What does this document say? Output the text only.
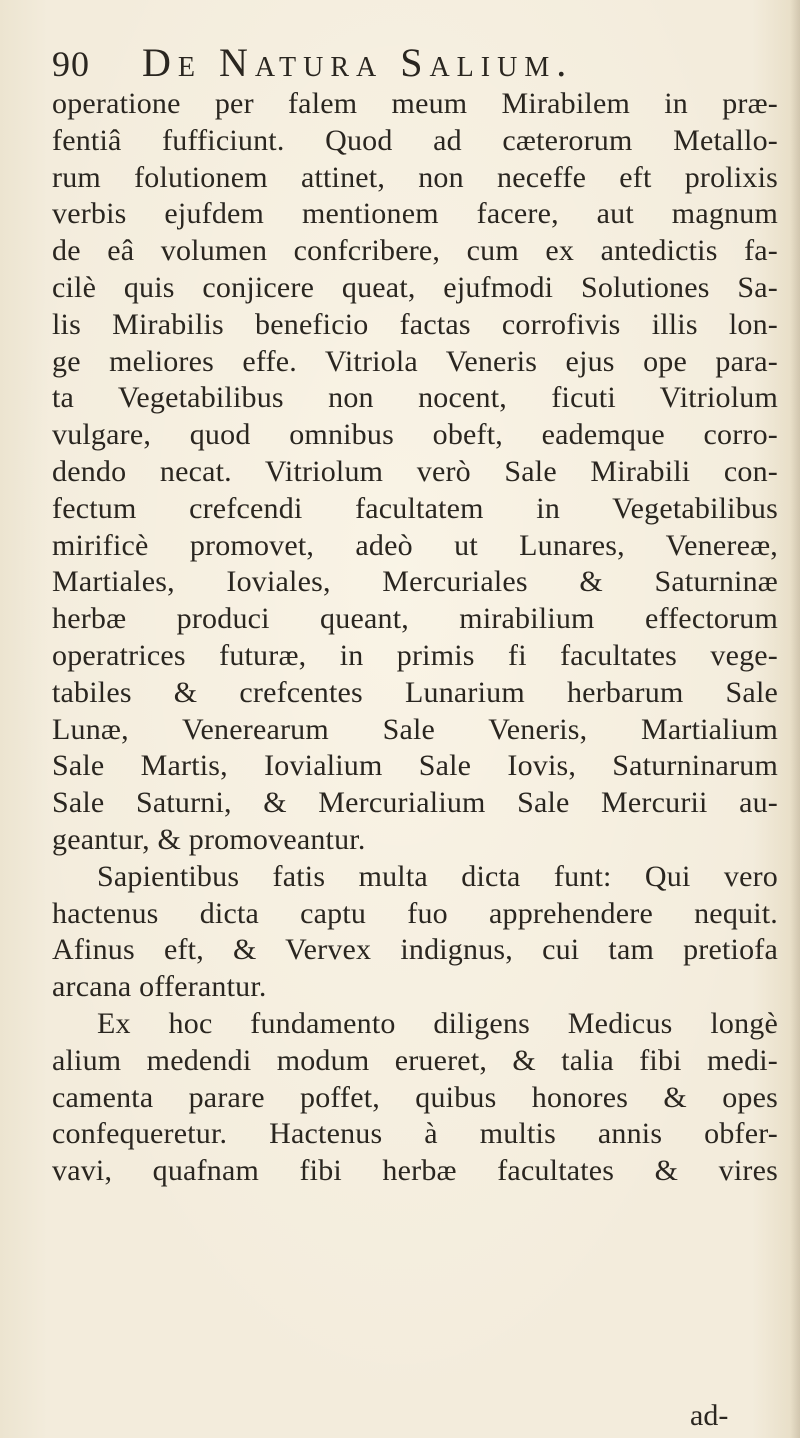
90 De Natura Salium.
operatione per falem meum Mirabilem in præ-
fentiâ fufficiunt. Quod ad cæterorum Metallo-
rum folutionem attinet, non neceffe eft prolixis
verbis ejufdem mentionem facere, aut magnum
de eâ volumen confcribere, cum ex antedictis fa-
cilè quis conjicere queat, ejufmodi Solutiones Sa-
lis Mirabilis beneficio factas corrofivis illis lon-
ge meliores effe. Vitriola Veneris ejus ope para-
ta Vegetabilibus non nocent, ficuti Vitriolum
vulgare, quod omnibus obeft, eademque corro-
dendo necat. Vitriolum verò Sale Mirabili con-
fectum crefcendi facultatem in Vegetabilibus
mirificè promovet, adeò ut Lunares, Venereæ,
Martiales, Ioviales, Mercuriales & Saturninæ
herbæ produci queant, mirabilium effectorum
operatrices futuræ, in primis fi facultates vege-
tabiles & crefcentes Lunarium herbarum Sale
Lunæ, Venerearum Sale Veneris, Martialium
Sale Martis, Iovialium Sale Iovis, Saturninarum
Sale Saturni, & Mercurialium Sale Mercurii au-
geantur, & promoveantur.
Sapientibus fatis multa dicta funt: Qui vero
hactenus dicta captu fuo apprehendere nequit.
Afinus eft, & Vervex indignus, cui tam pretiofa
arcana offerantur.
Ex hoc fundamento diligens Medicus longè
alium medendi modum erueret, & talia fibi medi-
camenta parare poffet, quibus honores & opes
confequeretur. Hactenus à multis annis obfer-
vavi, quafnam fibi herbæ facultates & vires
ad-
